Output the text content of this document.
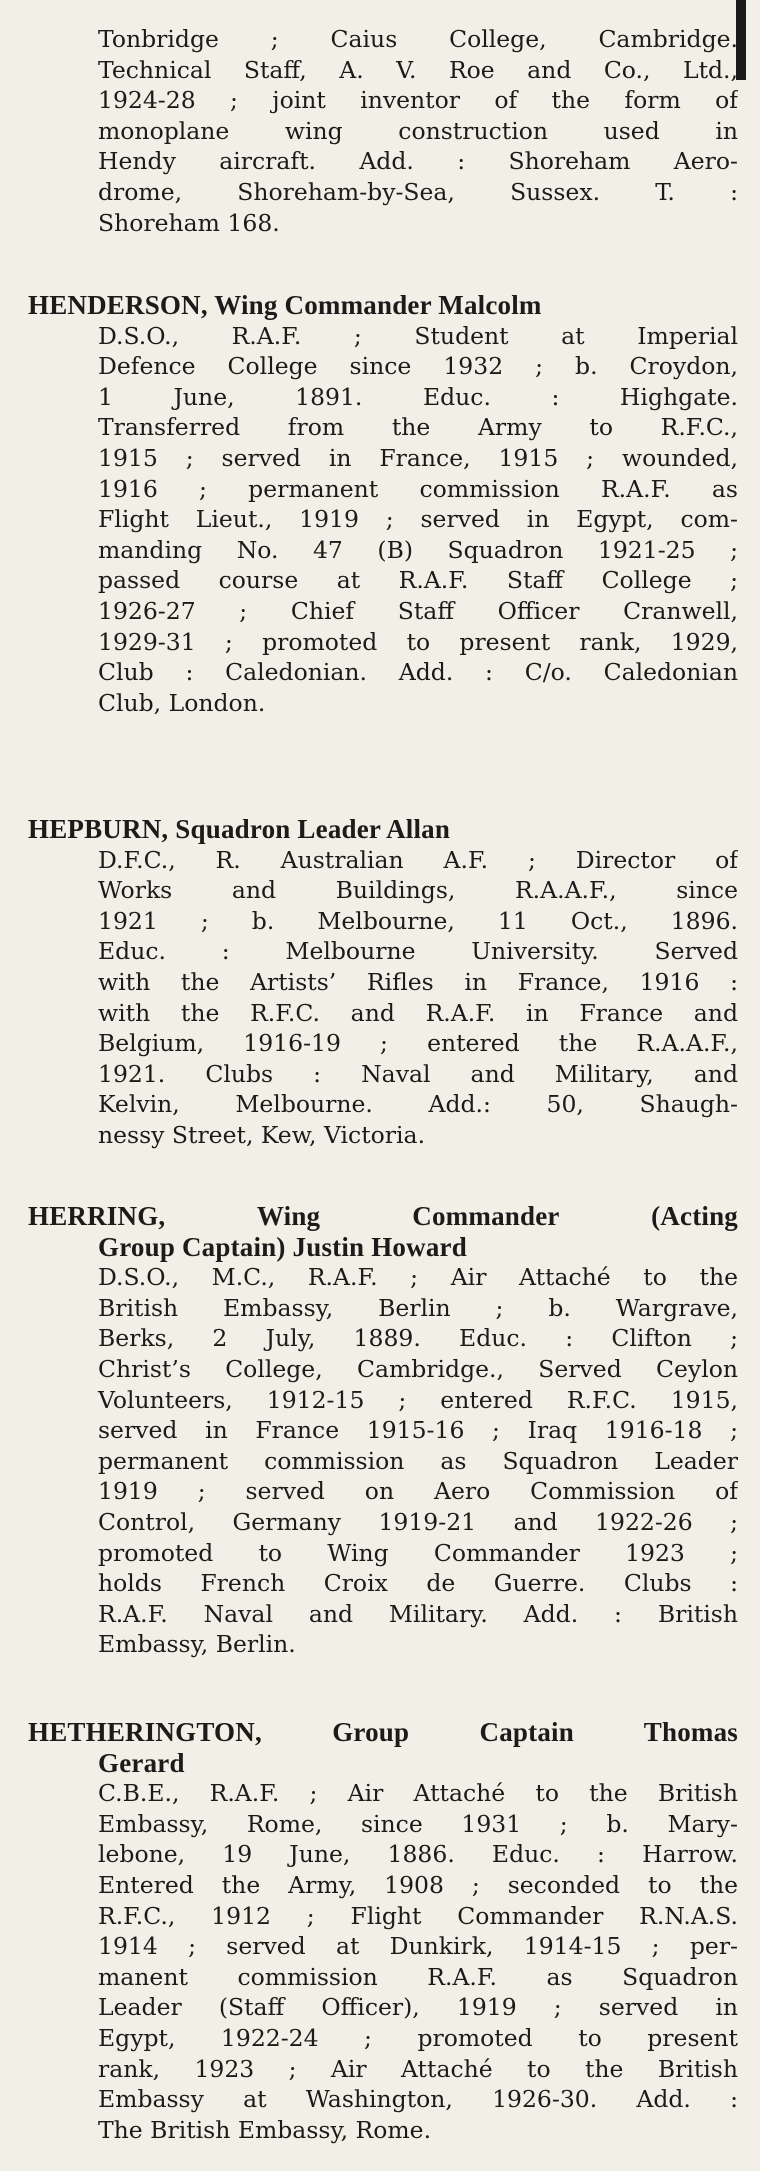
Tonbridge ; Caius College, Cambridge.
Technical Staff, A. V. Roe and Co., Ltd.,
1924-28 ; joint inventor of the form of
monoplane wing construction used in
Hendy aircraft. Add. : Shoreham Aero-
drome, Shoreham-by-Sea, Sussex. T. :
Shoreham 168.
HENDERSON, Wing Commander Malcolm
D.S.O., R.A.F. ; Student at Imperial
Defence College since 1932 ; b. Croydon,
1 June, 1891. Educ. : Highgate.
Transferred from the Army to R.F.C.,
1915 ; served in France, 1915 ; wounded,
1916 ; permanent commission R.A.F. as
Flight Lieut., 1919 ; served in Egypt, com-
manding No. 47 (B) Squadron 1921-25 ;
passed course at R.A.F. Staff College ;
1926-27 ; Chief Staff Officer Cranwell,
1929-31 ; promoted to present rank, 1929,
Club : Caledonian. Add. : C/o. Caledonian
Club, London.
HEPBURN, Squadron Leader Allan
D.F.C., R. Australian A.F. ; Director of
Works and Buildings, R.A.A.F., since
1921 ; b. Melbourne, 11 Oct., 1896.
Educ. : Melbourne University. Served
with the Artists’ Rifles in France, 1916 :
with the R.F.C. and R.A.F. in France and
Belgium, 1916-19 ; entered the R.A.A.F.,
1921. Clubs : Naval and Military, and
Kelvin, Melbourne. Add.: 50, Shaugh-
nessy Street, Kew, Victoria.
HERRING, Wing Commander (Acting
Group Captain) Justin Howard
D.S.O., M.C., R.A.F. ; Air Attaché to the
British Embassy, Berlin ; b. Wargrave,
Berks, 2 July, 1889. Educ. : Clifton ;
Christ’s College, Cambridge., Served Ceylon
Volunteers, 1912-15 ; entered R.F.C. 1915,
served in France 1915-16 ; Iraq 1916-18 ;
permanent commission as Squadron Leader
1919 ; served on Aero Commission of
Control, Germany 1919-21 and 1922-26 ;
promoted to Wing Commander 1923 ;
holds French Croix de Guerre. Clubs :
R.A.F. Naval and Military. Add. : British
Embassy, Berlin.
HETHERINGTON, Group Captain Thomas
Gerard
C.B.E., R.A.F. ; Air Attaché to the British
Embassy, Rome, since 1931 ; b. Mary-
lebone, 19 June, 1886. Educ. : Harrow.
Entered the Army, 1908 ; seconded to the
R.F.C., 1912 ; Flight Commander R.N.A.S.
1914 ; served at Dunkirk, 1914-15 ; per-
manent commission R.A.F. as Squadron
Leader (Staff Officer), 1919 ; served in
Egypt, 1922-24 ; promoted to present
rank, 1923 ; Air Attaché to the British
Embassy at Washington, 1926-30. Add. :
The British Embassy, Rome.
